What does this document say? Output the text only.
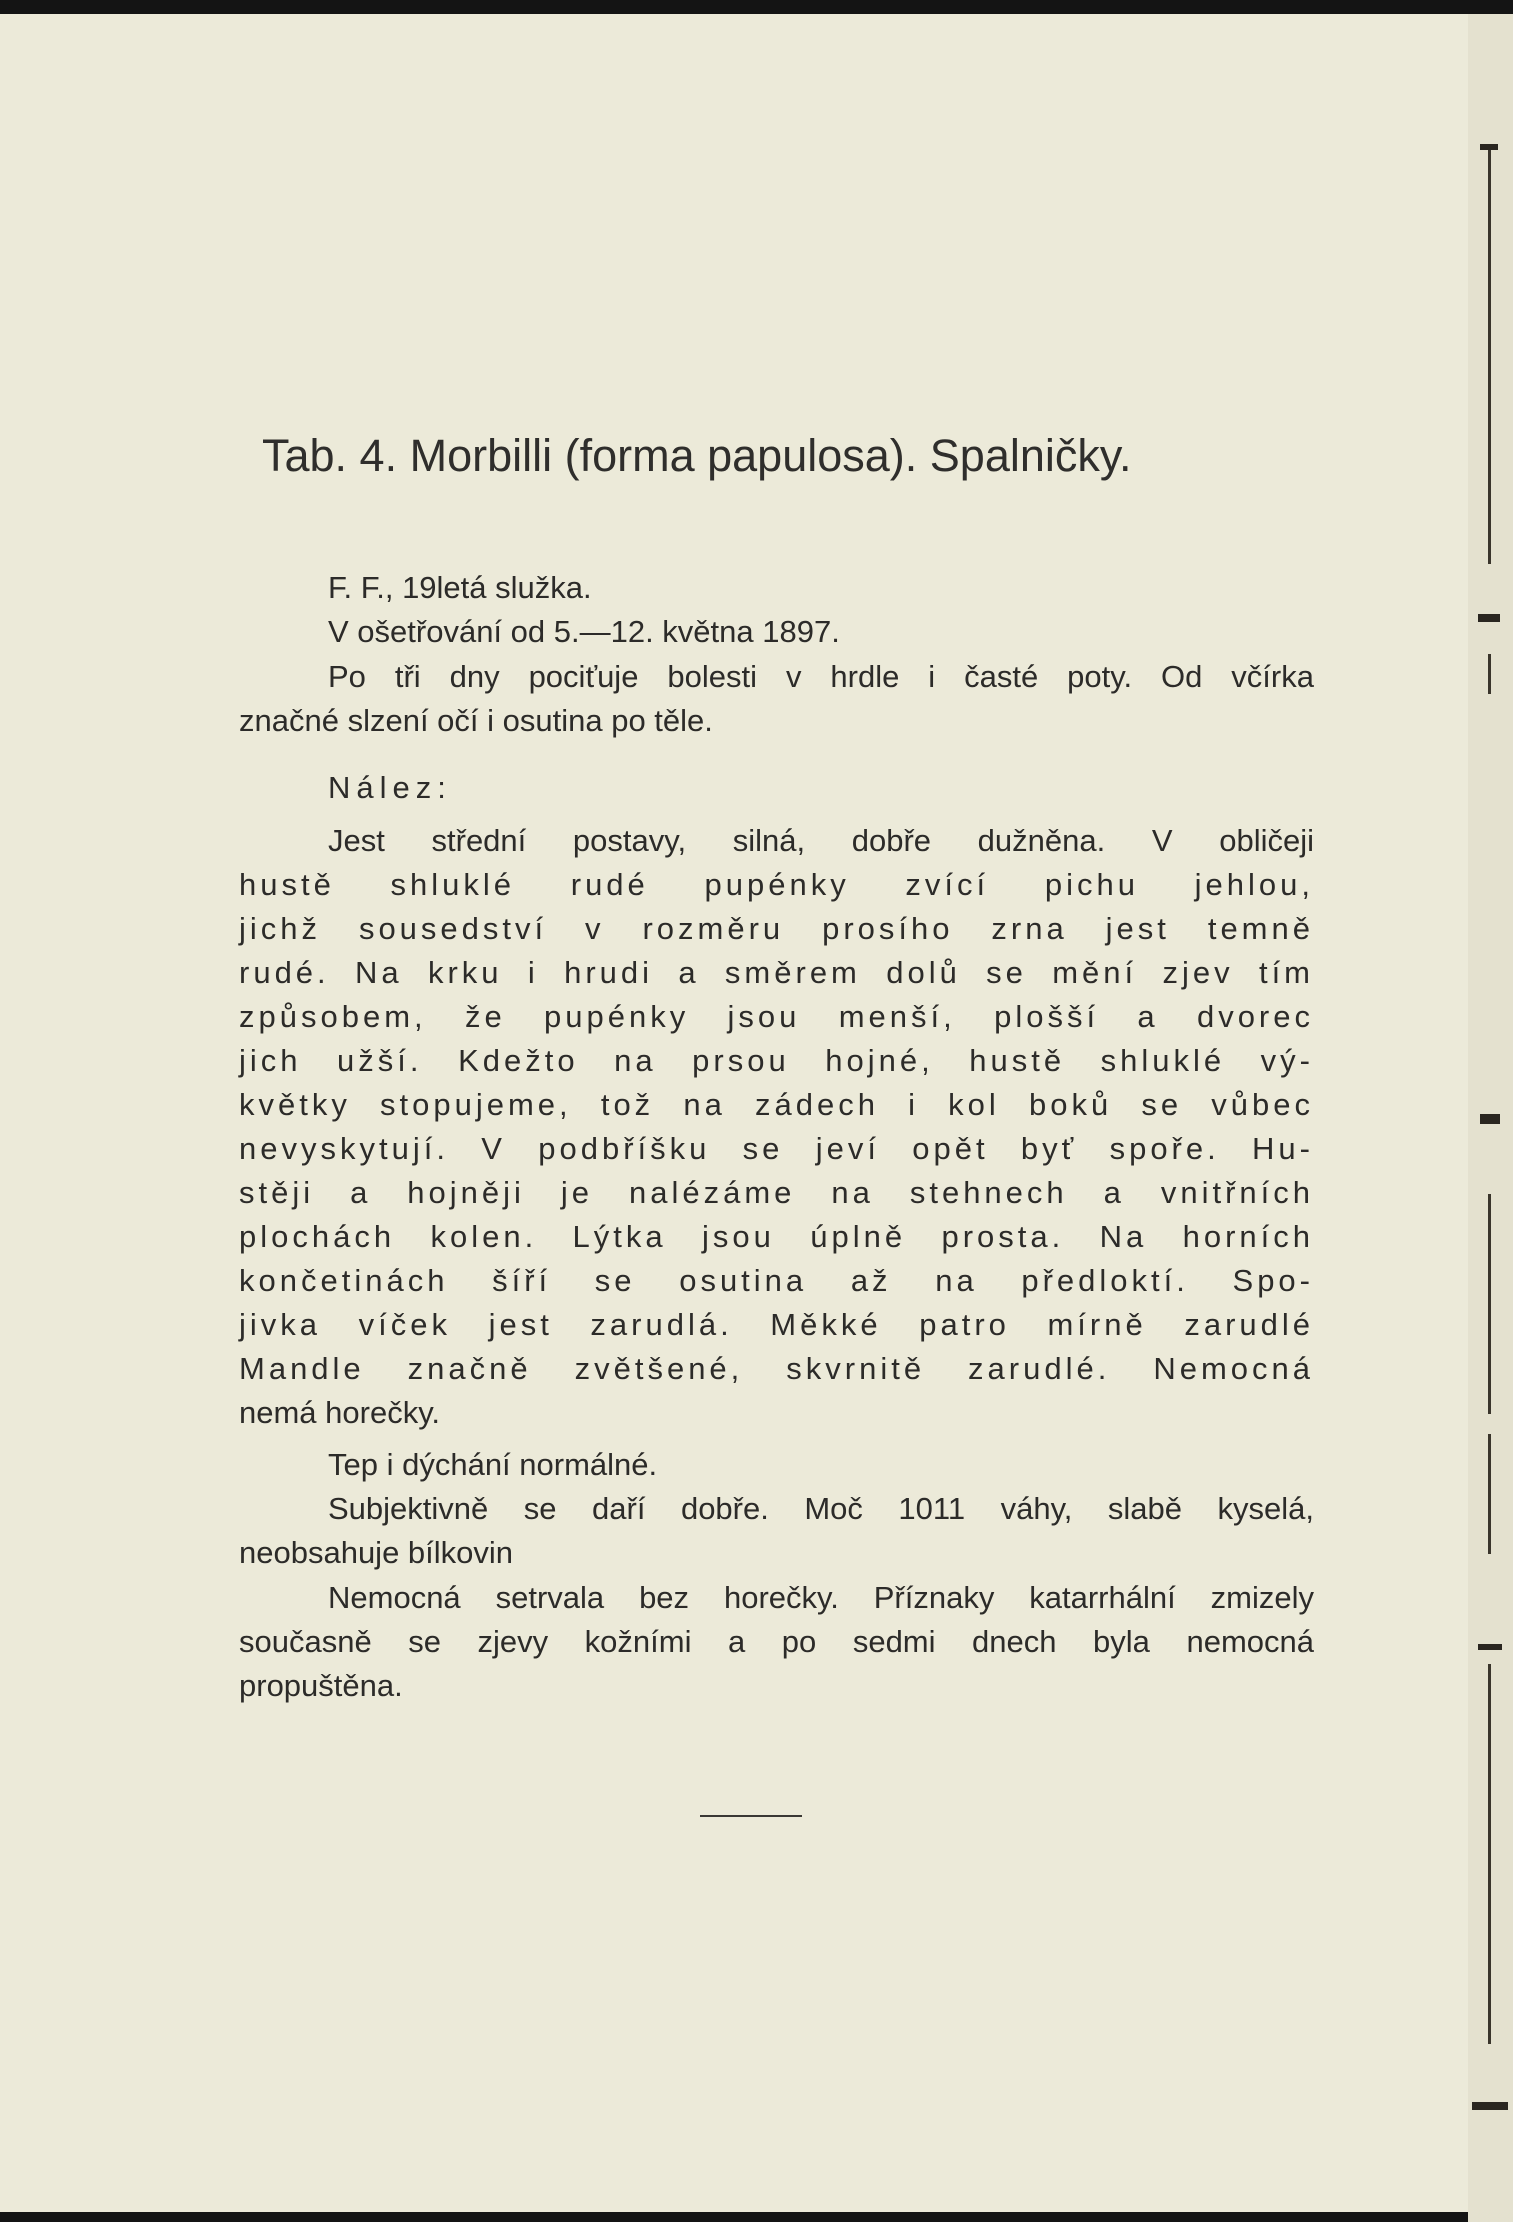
Tab. 4. Morbilli (forma papulosa). Spalničky.

F. F., 19letá služka.

V ošetřování od 5.—12. května 1897.

Po tři dny pociťuje bolesti v hrdle i časté poty. Od včírka

značné slzení očí i osutina po těle.

Nález:

Jest střední postavy, silná, dobře dužněna. V obličeji

hustě shluklé rudé pupénky zvící pichu jehlou,

jichž sousedství v rozměru prosího zrna jest temně

rudé. Na krku i hrudi a směrem dolů se mění zjev tím

způsobem, že pupénky jsou menší, plošší a dvorec

jich užší. Kdežto na prsou hojné, hustě shluklé vý-

květky stopujeme, tož na zádech i kol boků se vůbec

nevyskytují. V podbříšku se jeví opět byť spoře. Hu-

stěji a hojněji je nalézáme na stehnech a vnitřních

plochách kolen. Lýtka jsou úplně prosta. Na horních

končetinách šíří se osutina až na předloktí. Spo-

jivka víček jest zarudlá. Měkké patro mírně zarudlé

Mandle značně zvětšené, skvrnitě zarudlé. Nemocná

nemá horečky.

Tep i dýchání normálné.

Subjektivně se daří dobře. Moč 1011 váhy, slabě kyselá,

neobsahuje bílkovin

Nemocná setrvala bez horečky. Příznaky katarrhální zmizely

současně se zjevy kožními a po sedmi dnech byla nemocná

propuštěna.
